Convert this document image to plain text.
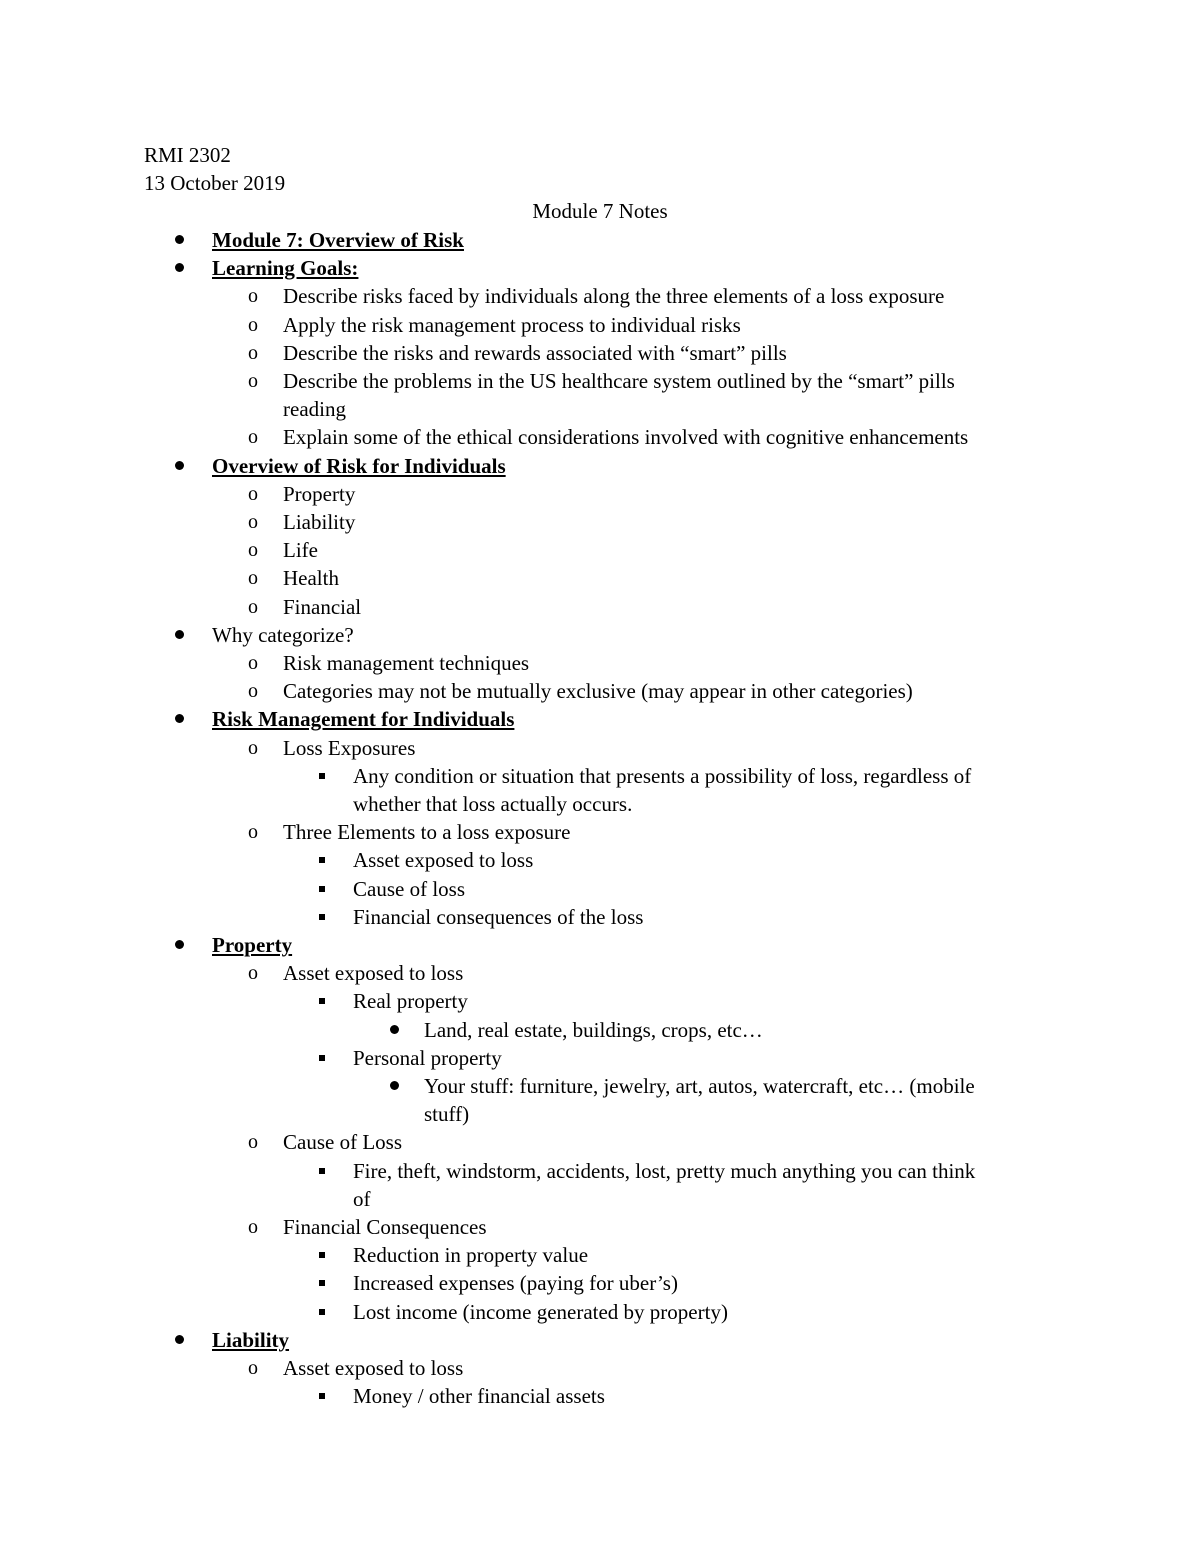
RMI 2302
13 October 2019
Module 7 Notes
Module 7: Overview of Risk
Learning Goals:
o Describe risks faced by individuals along the three elements of a loss exposure
o Apply the risk management process to individual risks
o Describe the risks and rewards associated with “smart” pills
o Describe the problems in the US healthcare system outlined by the “smart” pills
reading
o Explain some of the ethical considerations involved with cognitive enhancements
Overview of Risk for Individuals
o Property
o Liability
o Life
o Health
o Financial
Why categorize?
o Risk management techniques
o Categories may not be mutually exclusive (may appear in other categories)
Risk Management for Individuals
o Loss Exposures
Any condition or situation that presents a possibility of loss, regardless of
whether that loss actually occurs.
o Three Elements to a loss exposure
Asset exposed to loss
Cause of loss
Financial consequences of the loss
Property
o Asset exposed to loss
Real property
Land, real estate, buildings, crops, etc…
Personal property
Your stuff: furniture, jewelry, art, autos, watercraft, etc… (mobile
stuff)
o Cause of Loss
Fire, theft, windstorm, accidents, lost, pretty much anything you can think
of
o Financial Consequences
Reduction in property value
Increased expenses (paying for uber’s)
Lost income (income generated by property)
Liability
o Asset exposed to loss
Money / other financial assets
